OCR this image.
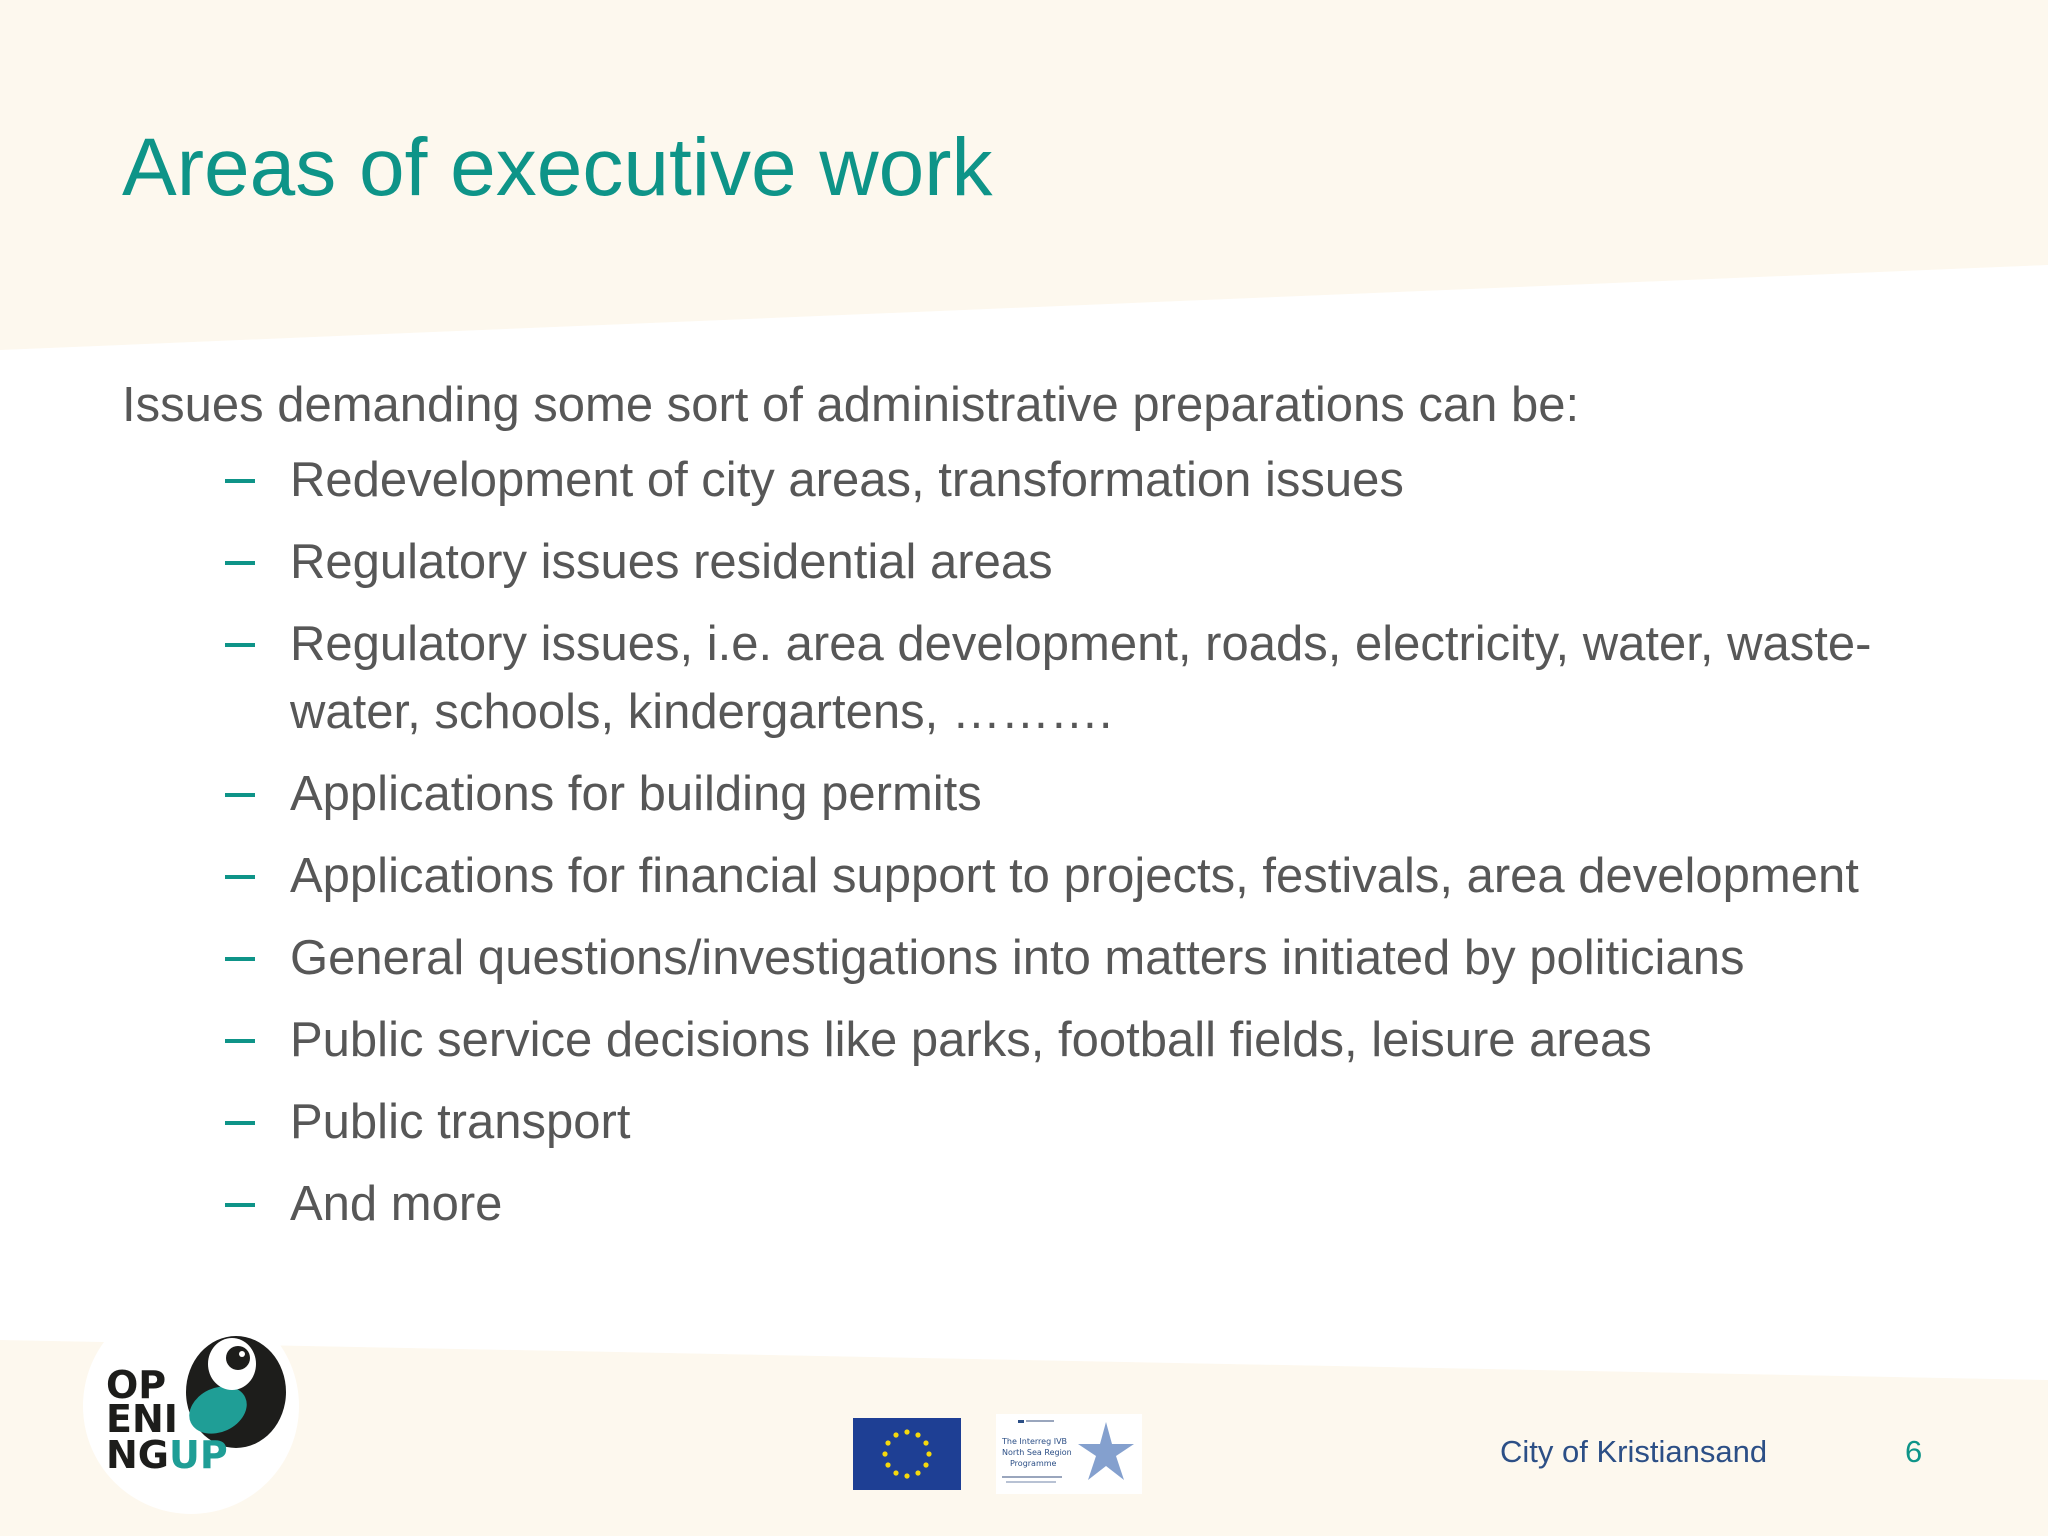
Areas of executive work

Issues demanding some sort of administrative preparations can be:

Redevelopment of city areas, transformation issues
Regulatory issues residential areas
Regulatory issues, i.e. area development, roads, electricity, water, waste-water, schools, kindergartens, ……….
Applications for building permits
Applications for financial support to projects, festivals, area development
General questions/investigations into matters initiated by politicians
Public service decisions like parks, football fields, leisure areas
Public transport
And more
OP
ENI
NGUP	The Interreg IVB
North Sea Region
Programme	City of Kristiansand	6
